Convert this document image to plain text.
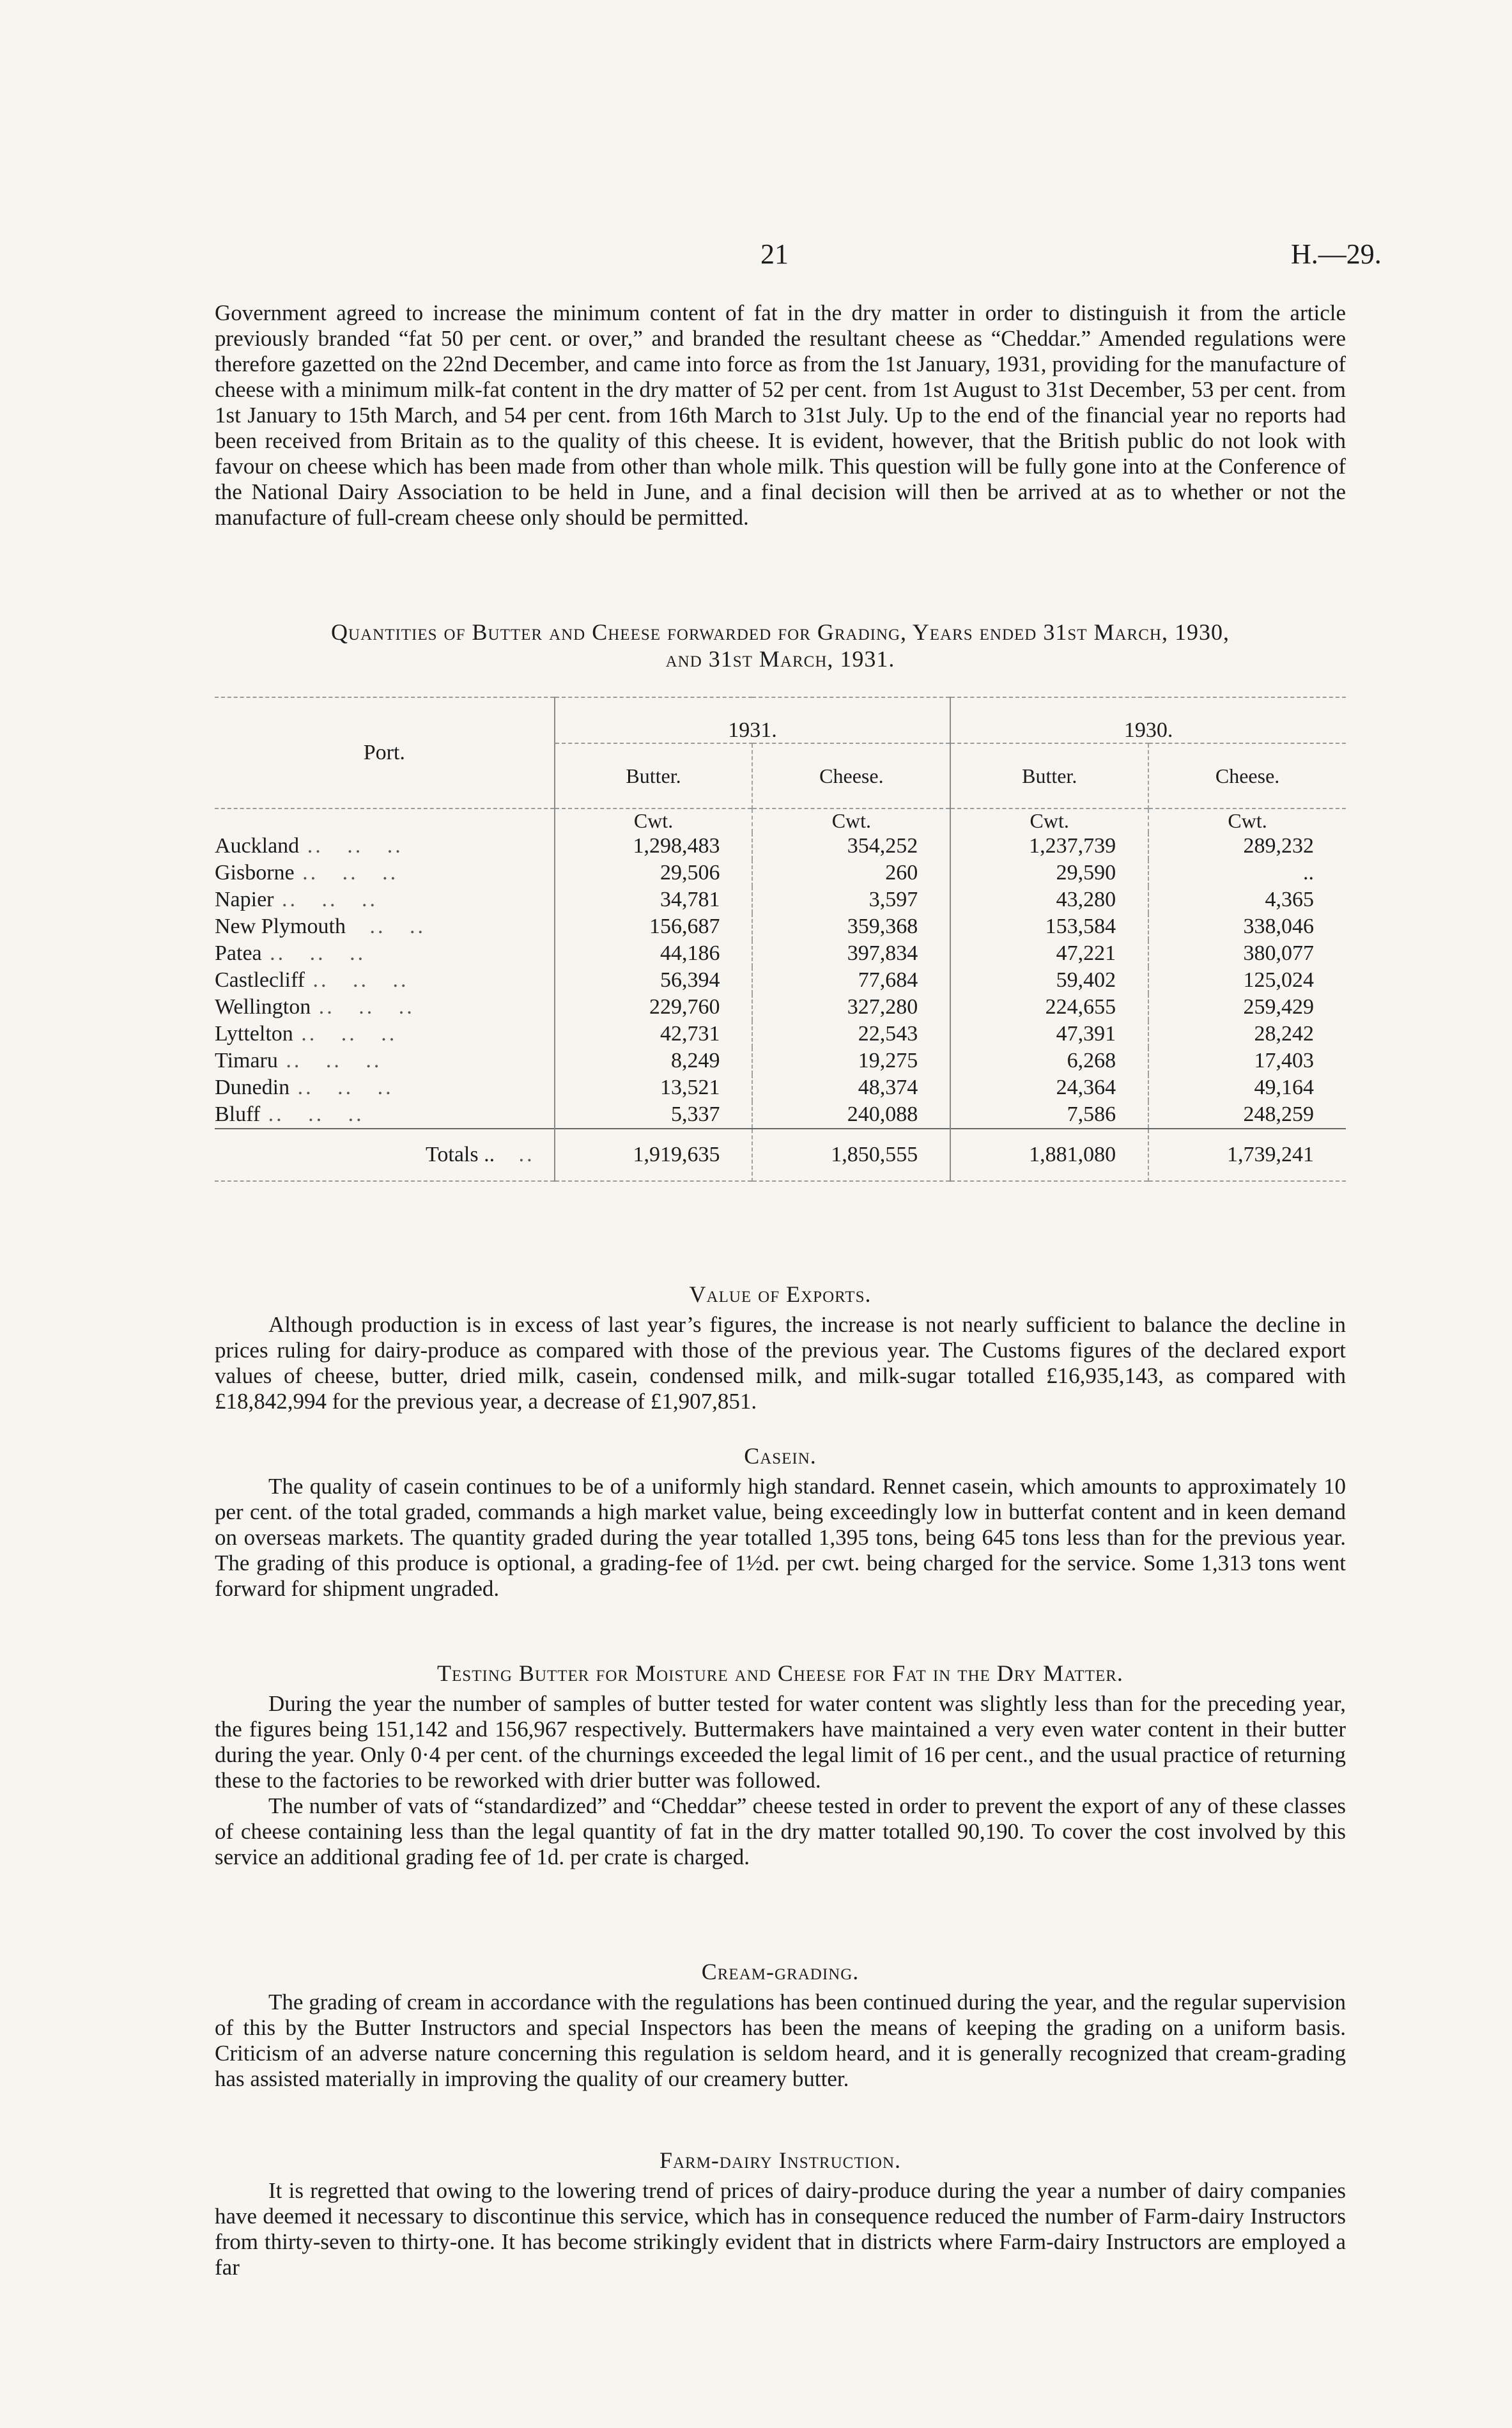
21	H.—29.

Government agreed to increase the minimum content of fat in the dry matter in order to distinguish it from the article previously branded “fat 50 per cent. or over,” and branded the resultant cheese as “Cheddar.” Amended regulations were therefore gazetted on the 22nd December, and came into force as from the 1st January, 1931, providing for the manufacture of cheese with a minimum milk-fat content in the dry matter of 52 per cent. from 1st August to 31st December, 53 per cent. from 1st January to 15th March, and 54 per cent. from 16th March to 31st July. Up to the end of the financial year no reports had been received from Britain as to the quality of this cheese. It is evident, however, that the British public do not look with favour on cheese which has been made from other than whole milk. This question will be fully gone into at the Conference of the National Dairy Association to be held in June, and a final decision will then be arrived at as to whether or not the manufacture of full-cream cheese only should be permitted.

Quantities of Butter and Cheese forwarded for Grading, Years ended 31st March, 1930,
and 31st March, 1931.
Port.	1931.		1930.	
	Butter.	Cheese.	Butter.	Cheese.
	Cwt.	Cwt.	Cwt.	Cwt.
Auckland ..   ..   ..	1,298,483	354,252	1,237,739	289,232
Gisborne ..   ..   ..	29,506	260	29,590	..
Napier ..   ..   ..	34,781	3,597	43,280	4,365
New Plymouth   ..   ..	156,687	359,368	153,584	338,046
Patea ..   ..   ..	44,186	397,834	47,221	380,077
Castlecliff ..   ..   ..	56,394	77,684	59,402	125,024
Wellington ..   ..   ..	229,760	327,280	224,655	259,429
Lyttelton ..   ..   ..	42,731	22,543	47,391	28,242
Timaru ..   ..   ..	8,249	19,275	6,268	17,403
Dunedin ..   ..   ..	13,521	48,374	24,364	49,164
Bluff ..   ..   ..	5,337	240,088	7,586	248,259
Totals ..   ..	1,919,635	1,850,555	1,881,080	1,739,241
Value of Exports.

Although production is in excess of last year’s figures, the increase is not nearly sufficient to balance the decline in prices ruling for dairy-produce as compared with those of the previous year. The Customs figures of the declared export values of cheese, butter, dried milk, casein, condensed milk, and milk-sugar totalled £16,935,143, as compared with £18,842,994 for the previous year, a decrease of £1,907,851.

Casein.

The quality of casein continues to be of a uniformly high standard. Rennet casein, which amounts to approximately 10 per cent. of the total graded, commands a high market value, being exceedingly low in butterfat content and in keen demand on overseas markets. The quantity graded during the year totalled 1,395 tons, being 645 tons less than for the previous year. The grading of this produce is optional, a grading-fee of 1½d. per cwt. being charged for the service. Some 1,313 tons went forward for shipment ungraded.

Testing Butter for Moisture and Cheese for Fat in the Dry Matter.

During the year the number of samples of butter tested for water content was slightly less than for the preceding year, the figures being 151,142 and 156,967 respectively. Buttermakers have maintained a very even water content in their butter during the year. Only 0·4 per cent. of the churnings exceeded the legal limit of 16 per cent., and the usual practice of returning these to the factories to be reworked with drier butter was followed.

The number of vats of “standardized” and “Cheddar” cheese tested in order to prevent the export of any of these classes of cheese containing less than the legal quantity of fat in the dry matter totalled 90,190. To cover the cost involved by this service an additional grading fee of 1d. per crate is charged.

Cream-grading.

The grading of cream in accordance with the regulations has been continued during the year, and the regular supervision of this by the Butter Instructors and special Inspectors has been the means of keeping the grading on a uniform basis. Criticism of an adverse nature concerning this regulation is seldom heard, and it is generally recognized that cream-grading has assisted materially in improving the quality of our creamery butter.

Farm-dairy Instruction.

It is regretted that owing to the lowering trend of prices of dairy-produce during the year a number of dairy companies have deemed it necessary to discontinue this service, which has in consequence reduced the number of Farm-dairy Instructors from thirty-seven to thirty-one. It has become strikingly evident that in districts where Farm-dairy Instructors are employed a far
